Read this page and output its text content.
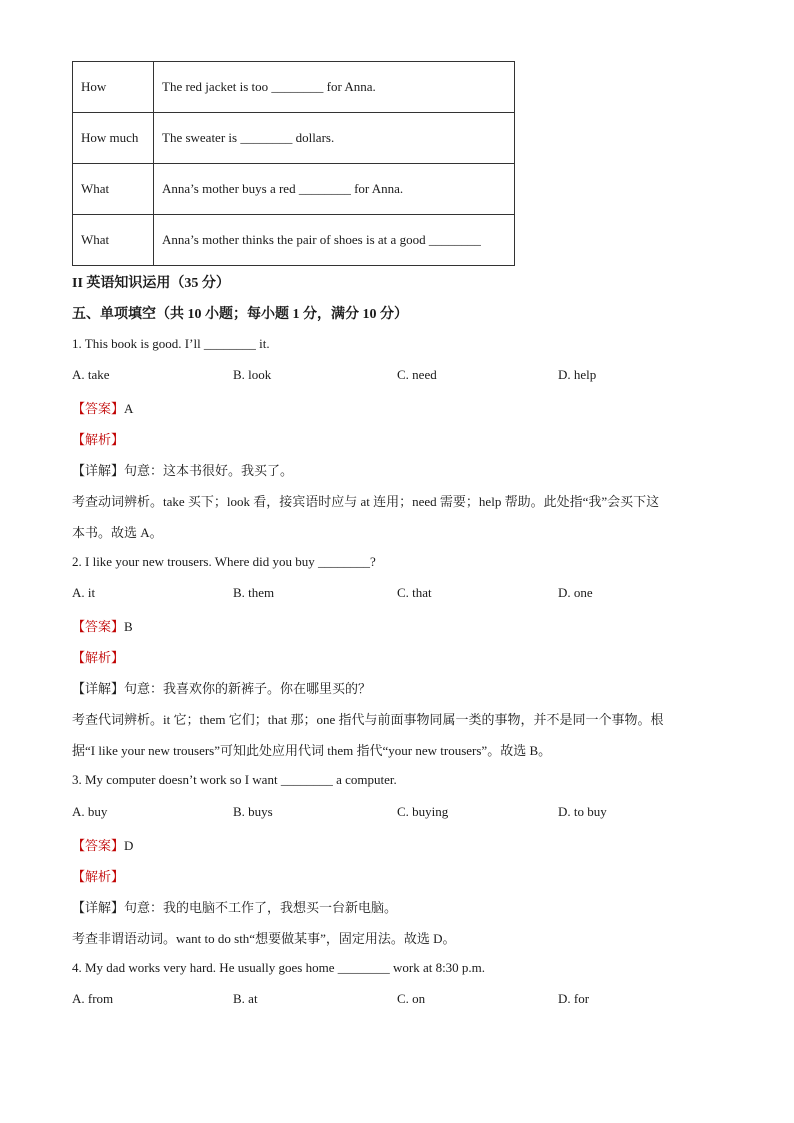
How	The red jacket is too ________ for Anna.
How much	The sweater is ________ dollars.
What	Anna’s mother buys a red ________ for Anna.
What	Anna’s mother thinks the pair of shoes is at a good ________
II 英语知识运用（35 分）
五、单项填空（共 10 小题；每小题 1 分，满分 10 分）
1. This book is good. I’ll ________ it.
A. take	B. look	C. need	D. help
【答案】A
【解析】
【详解】句意：这本书很好。我买了。
考查动词辨析。take 买下；look 看，接宾语时应与 at 连用；need 需要；help 帮助。此处指“我”会买下这
本书。故选 A。
2. I like your new trousers. Where did you buy ________?
A. it	B. them	C. that	D. one
【答案】B
【解析】
【详解】句意：我喜欢你的新裤子。你在哪里买的？
考查代词辨析。it 它；them 它们；that 那；one 指代与前面事物同属一类的事物，并不是同一个事物。根
据“I like your new trousers”可知此处应用代词 them 指代“your new trousers”。故选 B。
3. My computer doesn’t work so I want ________ a computer.
A. buy	B. buys	C. buying	D. to buy
【答案】D
【解析】
【详解】句意：我的电脑不工作了，我想买一台新电脑。
考查非谓语动词。want to do sth“想要做某事”，固定用法。故选 D。
4. My dad works very hard. He usually goes home ________ work at 8:30 p.m.
A. from	B. at	C. on	D. for
